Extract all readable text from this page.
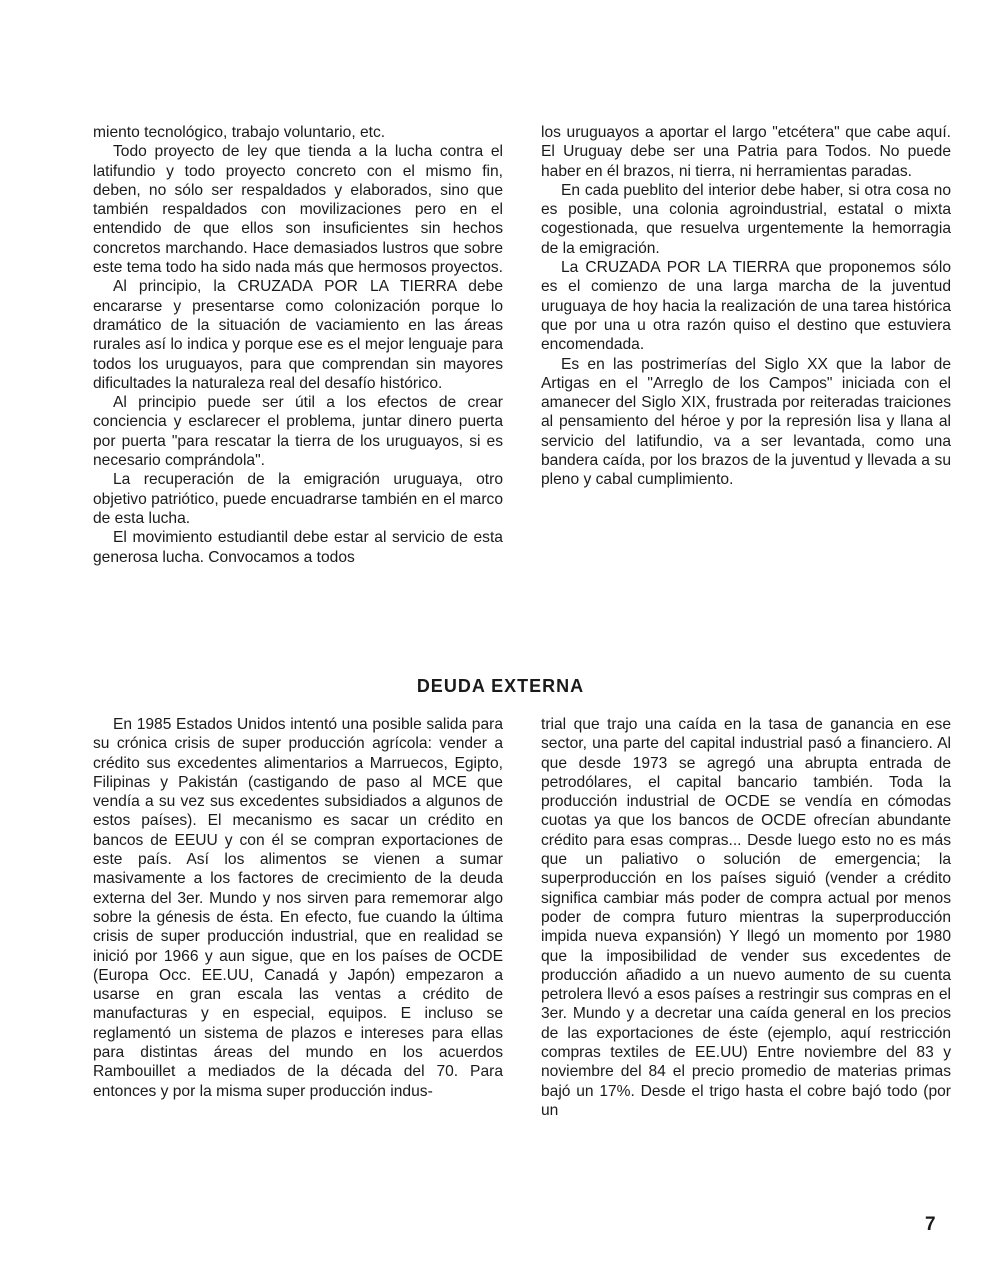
miento tecnológico, trabajo voluntario, etc.

Todo proyecto de ley que tienda a la lucha contra el latifundio y todo proyecto concreto con el mismo fin, deben, no sólo ser respaldados y elaborados, sino que también respaldados con movilizaciones pero en el entendido de que ellos son insuficientes sin hechos concretos marchando. Hace demasiados lustros que sobre este tema todo ha sido nada más que hermosos proyectos.

Al principio, la CRUZADA POR LA TIERRA debe encararse y presentarse como colonización porque lo dramático de la situación de vaciamiento en las áreas rurales así lo indica y porque ese es el mejor lenguaje para todos los uruguayos, para que comprendan sin mayores dificultades la naturaleza real del desafío histórico.

Al principio puede ser útil a los efectos de crear conciencia y esclarecer el problema, juntar dinero puerta por puerta "para rescatar la tierra de los uruguayos, si es necesario comprándola".

La recuperación de la emigración uruguaya, otro objetivo patriótico, puede encuadrarse también en el marco de esta lucha.

El movimiento estudiantil debe estar al servicio de esta generosa lucha. Convocamos a todos

los uruguayos a aportar el largo "etcétera" que cabe aquí. El Uruguay debe ser una Patria para Todos. No puede haber en él brazos, ni tierra, ni herramientas paradas.

En cada pueblito del interior debe haber, si otra cosa no es posible, una colonia agroindustrial, estatal o mixta cogestionada, que resuelva urgentemente la hemorragia de la emigración.

La CRUZADA POR LA TIERRA que proponemos sólo es el comienzo de una larga marcha de la juventud uruguaya de hoy hacia la realización de una tarea histórica que por una u otra razón quiso el destino que estuviera encomendada.

Es en las postrimerías del Siglo XX que la labor de Artigas en el "Arreglo de los Campos" iniciada con el amanecer del Siglo XIX, frustrada por reiteradas traiciones al pensamiento del héroe y por la represión lisa y llana al servicio del latifundio, va a ser levantada, como una bandera caída, por los brazos de la juventud y llevada a su pleno y cabal cumplimiento.

DEUDA EXTERNA

En 1985 Estados Unidos intentó una posible salida para su crónica crisis de super producción agrícola: vender a crédito sus excedentes alimentarios a Marruecos, Egipto, Filipinas y Pakistán (castigando de paso al MCE que vendía a su vez sus excedentes subsidiados a algunos de estos países). El mecanismo es sacar un crédito en bancos de EEUU y con él se compran exportaciones de este país. Así los alimentos se vienen a sumar masivamente a los factores de crecimiento de la deuda externa del 3er. Mundo y nos sirven para rememorar algo sobre la génesis de ésta. En efecto, fue cuando la última crisis de super producción industrial, que en realidad se inició por 1966 y aun sigue, que en los países de OCDE (Europa Occ. EE.UU, Canadá y Japón) empezaron a usarse en gran escala las ventas a crédito de manufacturas y en especial, equipos. E incluso se reglamentó un sistema de plazos e intereses para ellas para distintas áreas del mundo en los acuerdos Rambouillet a mediados de la década del 70. Para entonces y por la misma super producción indus-

trial que trajo una caída en la tasa de ganancia en ese sector, una parte del capital industrial pasó a financiero. Al que desde 1973 se agregó una abrupta entrada de petrodólares, el capital bancario también. Toda la producción industrial de OCDE se vendía en cómodas cuotas ya que los bancos de OCDE ofrecían abundante crédito para esas compras... Desde luego esto no es más que un paliativo o solución de emergencia; la superproducción en los países siguió (vender a crédito significa cambiar más poder de compra actual por menos poder de compra futuro mientras la superproducción impida nueva expansión) Y llegó un momento por 1980 que la imposibilidad de vender sus excedentes de producción añadido a un nuevo aumento de su cuenta petrolera llevó a esos países a restringir sus compras en el 3er. Mundo y a decretar una caída general en los precios de las exportaciones de éste (ejemplo, aquí restricción compras textiles de EE.UU) Entre noviembre del 83 y noviembre del 84 el precio promedio de materias primas bajó un 17%. Desde el trigo hasta el cobre bajó todo (por un

7
